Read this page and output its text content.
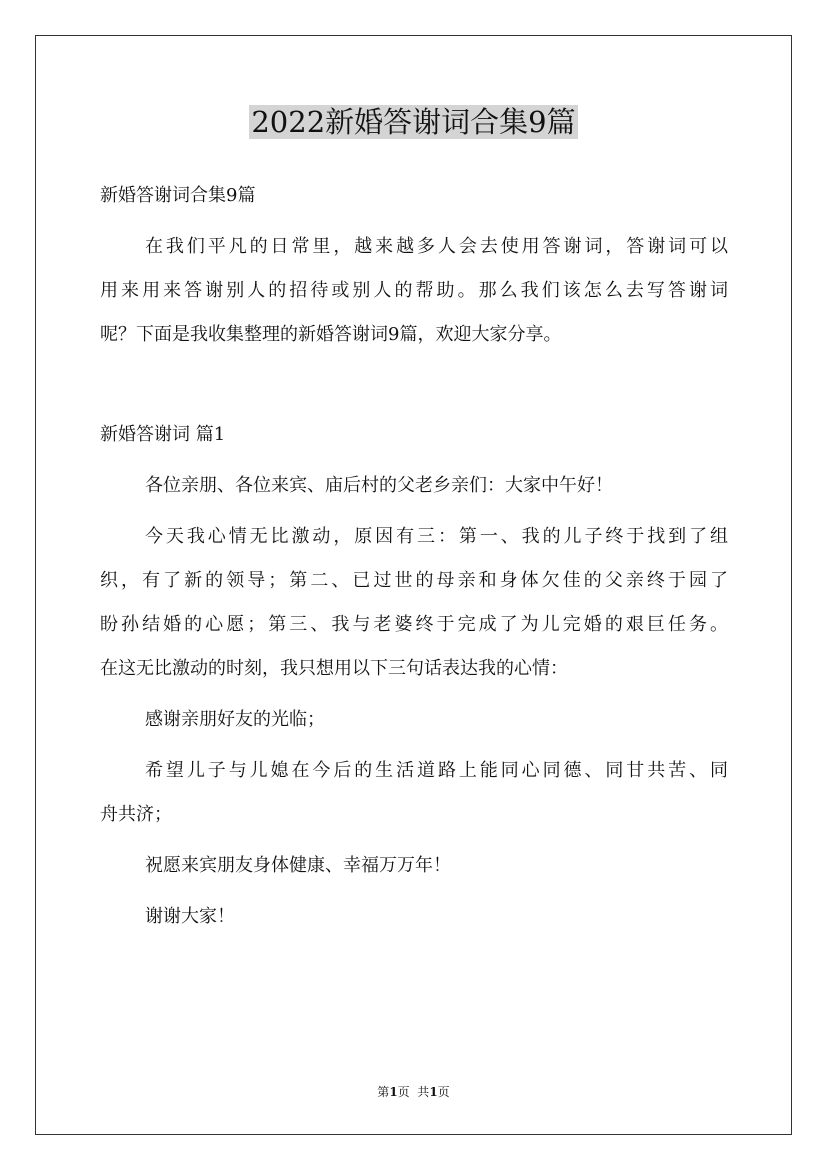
2022新婚答谢词合集9篇
新婚答谢词合集9篇
在我们平凡的日常里，越来越多人会去使用答谢词，答谢词可以
用来用来答谢别人的招待或别人的帮助。那么我们该怎么去写答谢词
呢？下面是我收集整理的新婚答谢词9篇，欢迎大家分享。
新婚答谢词 篇1
各位亲朋、各位来宾、庙后村的父老乡亲们：大家中午好！
今天我心情无比激动，原因有三：第一、我的儿子终于找到了组
织，有了新的领导；第二、已过世的母亲和身体欠佳的父亲终于园了
盼孙结婚的心愿；第三、我与老婆终于完成了为儿完婚的艰巨任务。
在这无比激动的时刻，我只想用以下三句话表达我的心情：
感谢亲朋好友的光临；
希望儿子与儿媳在今后的生活道路上能同心同德、同甘共苦、同
舟共济；
祝愿来宾朋友身体健康、幸福万万年！
谢谢大家！
第1页  共1页
